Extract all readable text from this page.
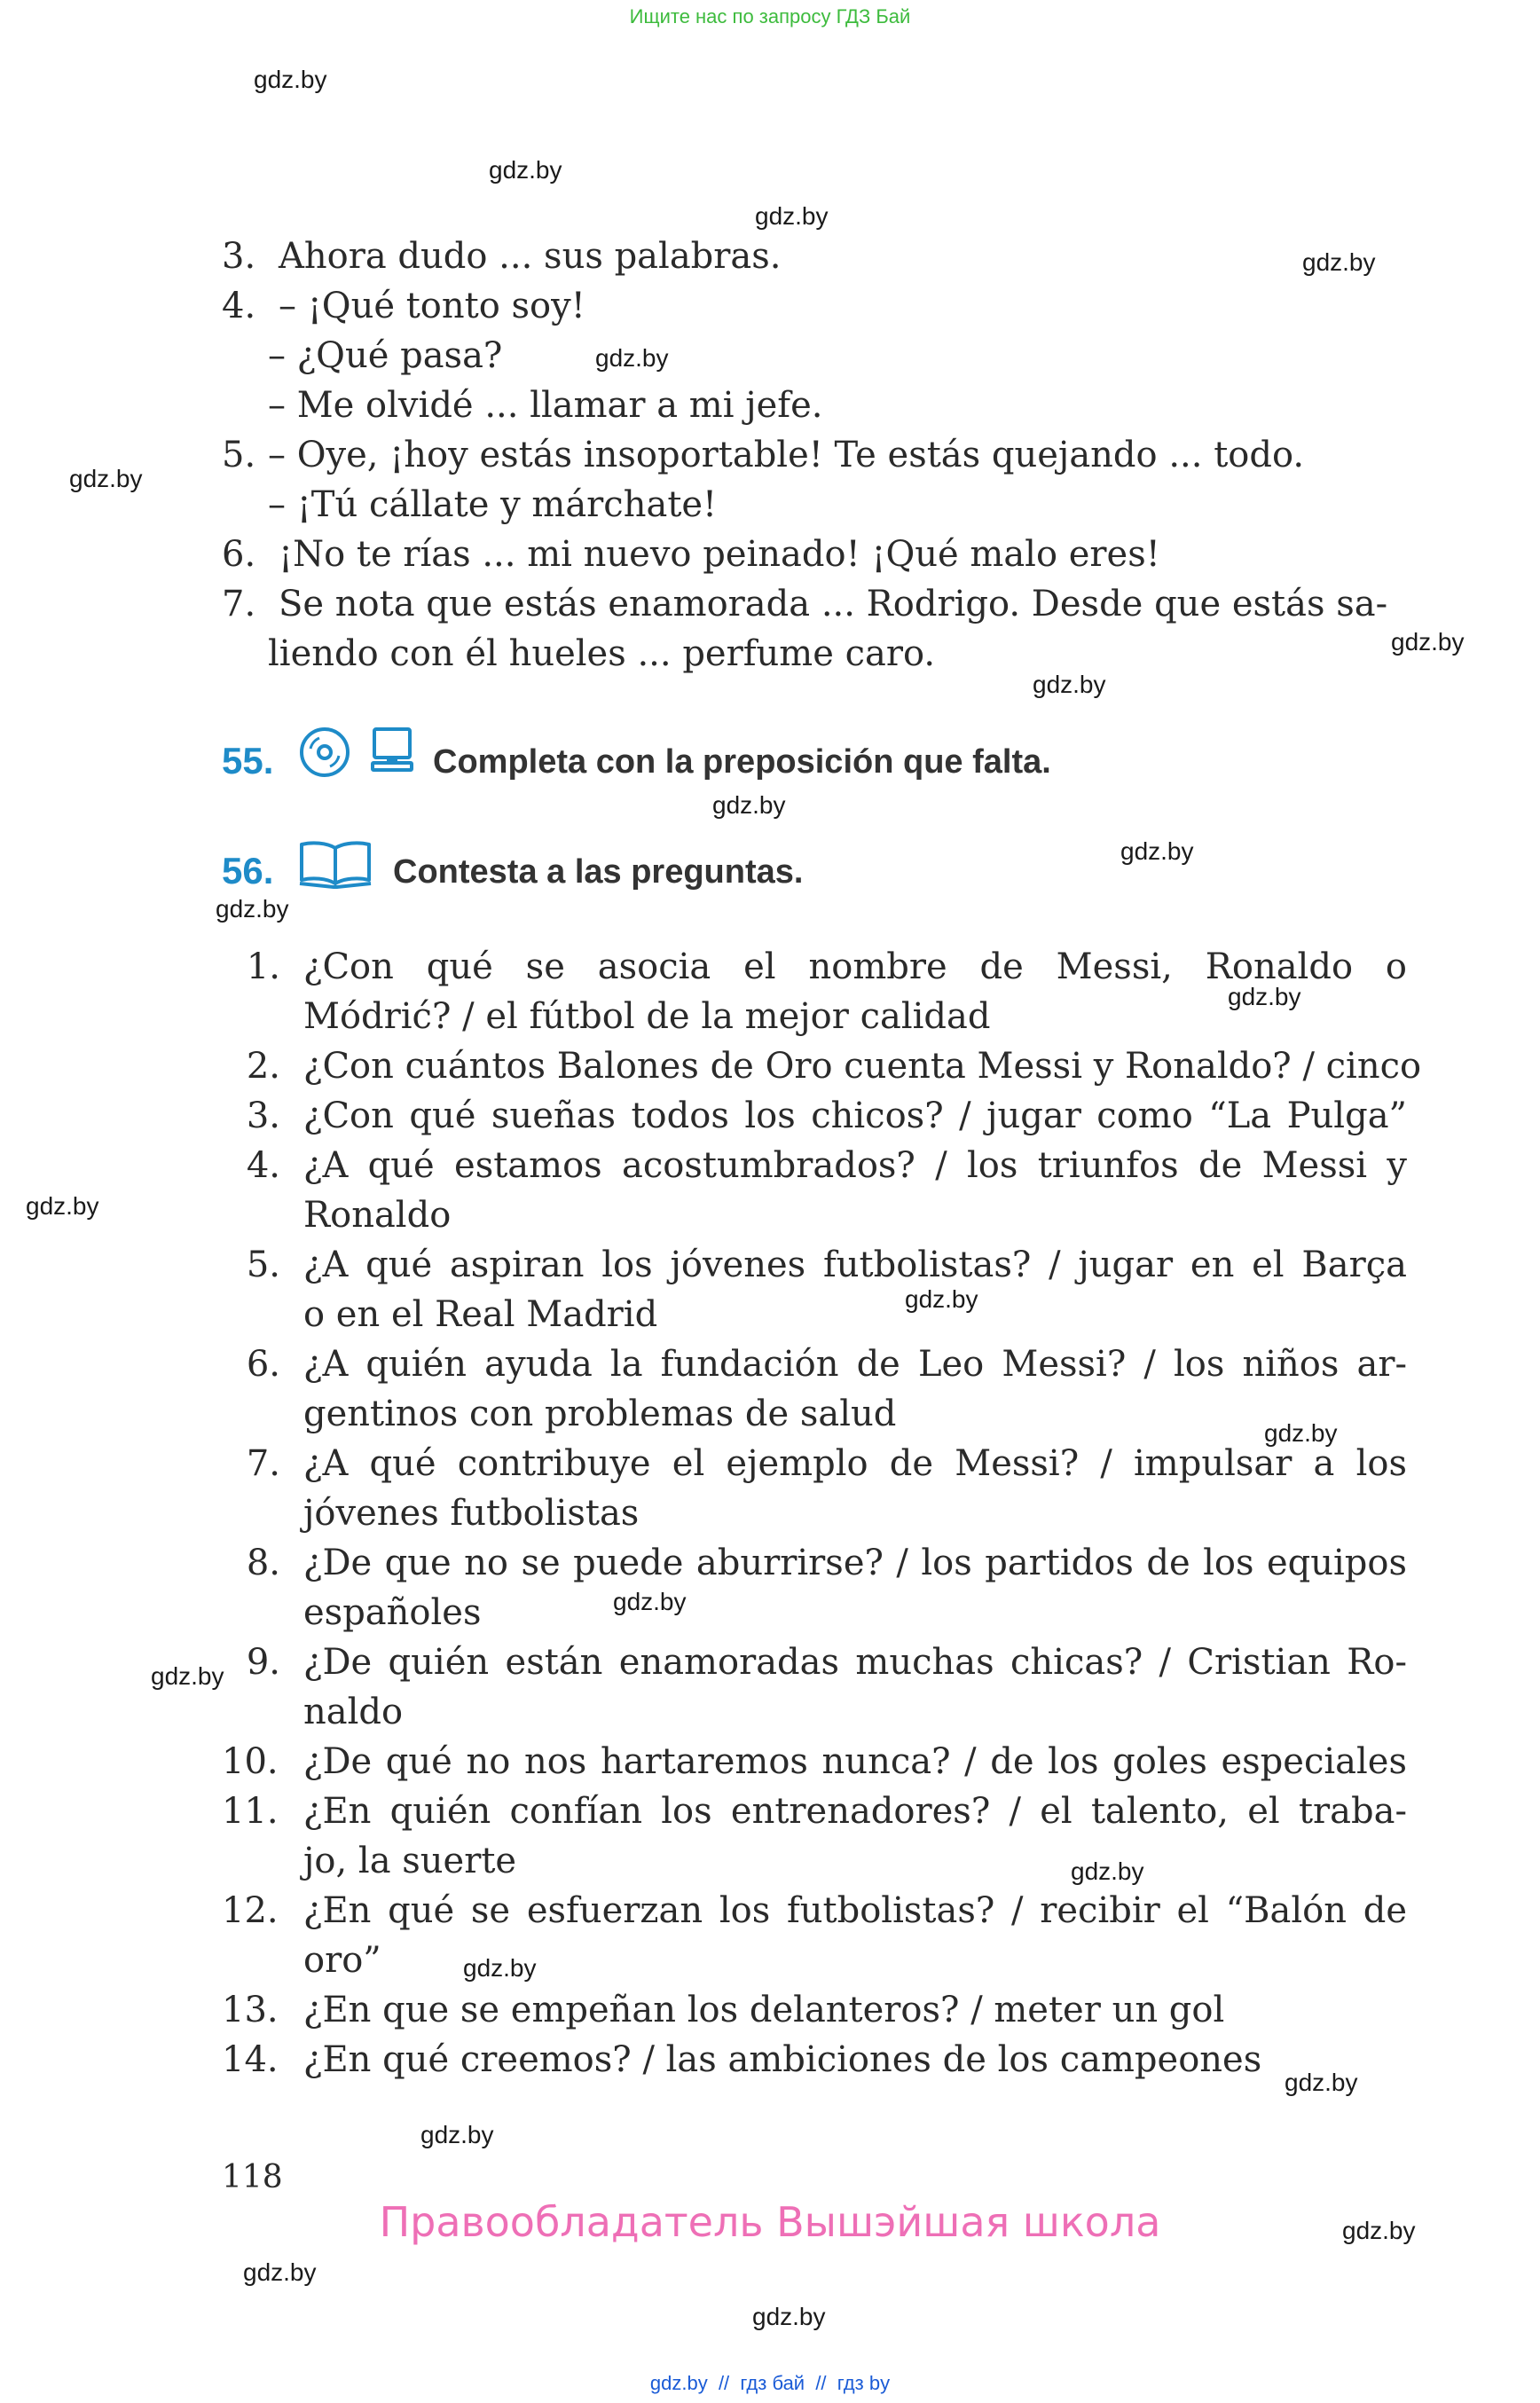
Ищите нас по запросу ГДЗ Бай
gdz.by
gdz.by
gdz.by
gdz.by
gdz.by
gdz.by
gdz.by
gdz.by
gdz.by
gdz.by
gdz.by
gdz.by
gdz.by
gdz.by
gdz.by
gdz.by
gdz.by
gdz.by
gdz.by
gdz.by
gdz.by
gdz.by
gdz.by
gdz.by
3. Ahora dudo ... sus palabras.
4. – ¡Qué tonto soy!
– ¿Qué pasa?
– Me olvidé ... llamar a mi jefe.
5. – Oye, ¡hoy estás insoportable! Te estás quejando ... todo.
– ¡Tú cállate y márchate!
6. ¡No te rías ... mi nuevo peinado! ¡Qué malo eres!
7. Se nota que estás enamorada ... Rodrigo. Desde que estás sa-
liendo con él hueles ... perfume caro.
55.	Completa con la preposición que falta.
56.	Contesta a las preguntas.
1. ¿Con qué se asocia el nombre de Messi, Ronaldo o
Módrić? / el fútbol de la mejor calidad
2. ¿Con cuántos Balones de Oro cuenta Messi y Ronaldo? / cinco
3. ¿Con qué sueñas todos los chicos? / jugar como “La Pulga”
4. ¿A qué estamos acostumbrados? / los triunfos de Messi y
Ronaldo
5. ¿A qué aspiran los jóvenes futbolistas? / jugar en el Barça
o en el Real Madrid
6. ¿A quién ayuda la fundación de Leo Messi? / los niños ar-
gentinos con problemas de salud
7. ¿A qué contribuye el ejemplo de Messi? / impulsar a los
jóvenes futbolistas
8. ¿De que no se puede aburrirse? / los partidos de los equipos
españoles
9. ¿De quién están enamoradas muchas chicas? / Cristian Ro-
naldo
10. ¿De qué no nos hartaremos nunca? / de los goles especiales
11. ¿En quién confían los entrenadores? / el talento, el traba-
jo, la suerte
12. ¿En qué se esfuerzan los futbolistas? / recibir el “Balón de
oro”
13. ¿En que se empeñan los delanteros? / meter un gol
14. ¿En qué creemos? / las ambiciones de los campeones
118
Правообладатель Вышэйшая школа
gdz.by  //  гдз бай  //  гдз by
